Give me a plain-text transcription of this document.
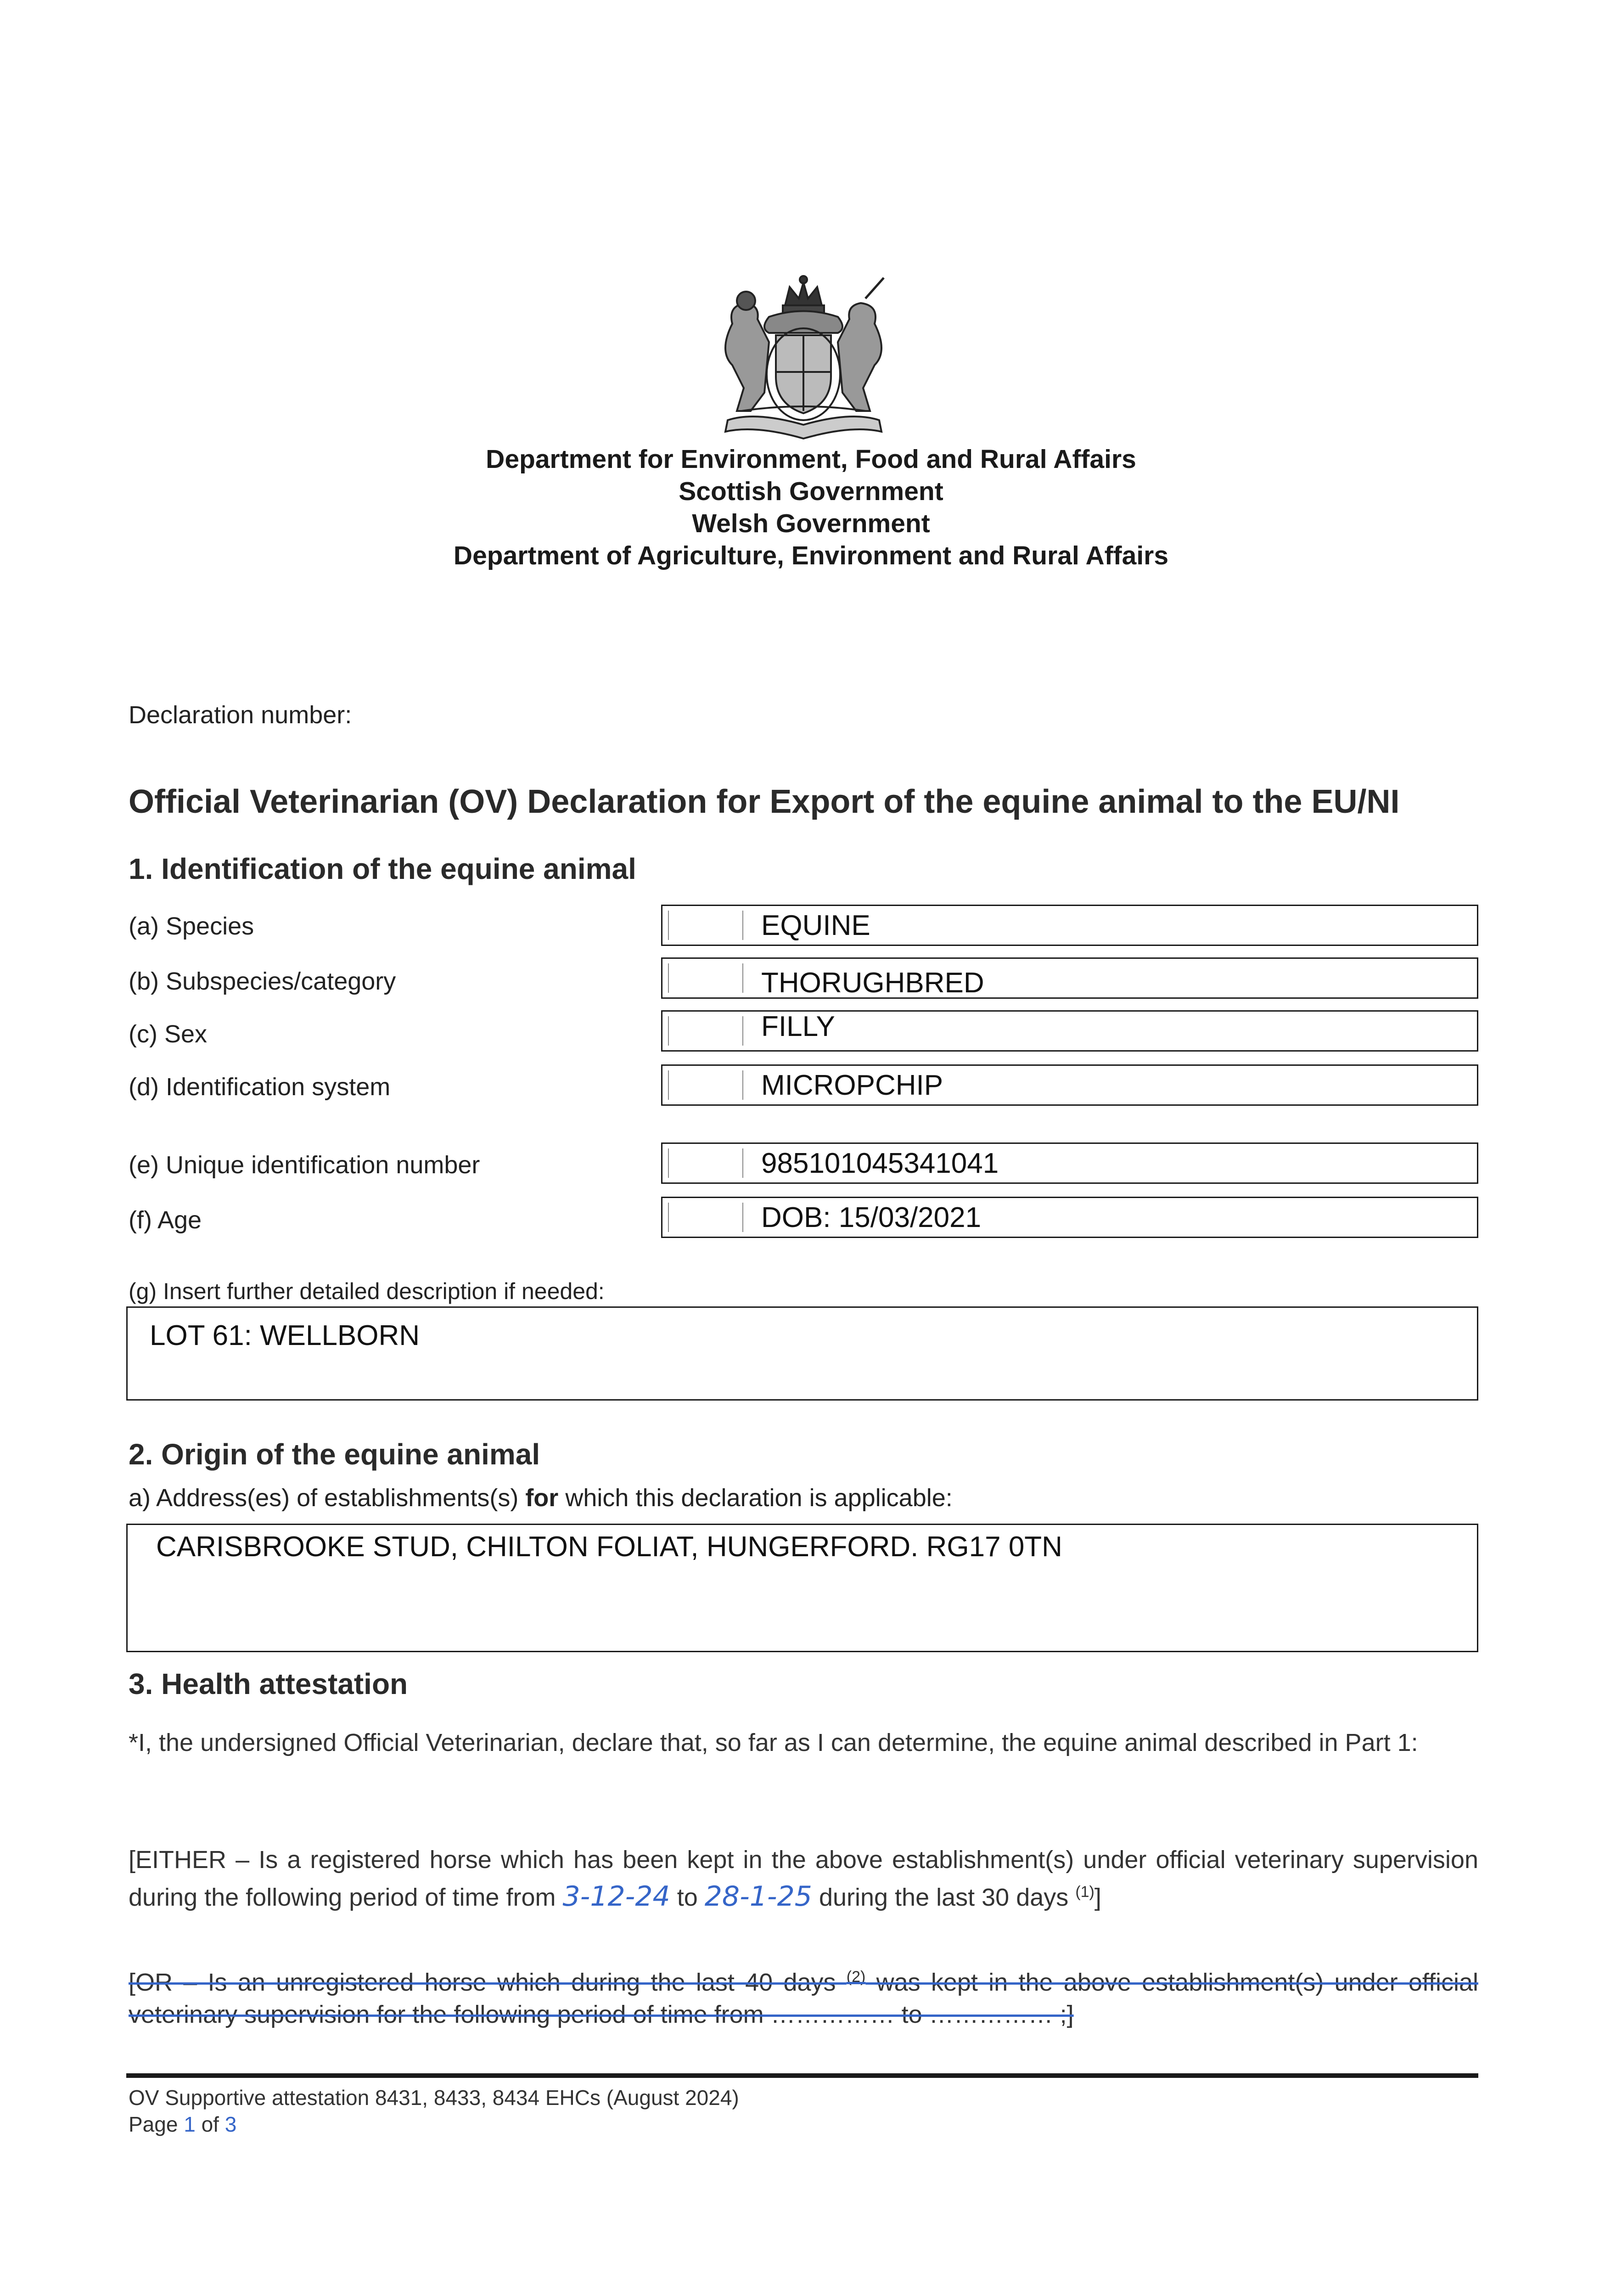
Department for Environment, Food and Rural Affairs
Scottish Government
Welsh Government
Department of Agriculture, Environment and Rural Affairs
Declaration number:
Official Veterinarian (OV) Declaration for Export of the equine animal to the EU/NI
1. Identification of the equine animal
(a) Species	EQUINE
(b) Subspecies/category	THORUGHBRED
(c) Sex	FILLY
(d) Identification system	MICROPCHIP
(e) Unique identification number	985101045341041
(f) Age	DOB: 15/03/2021
(g) Insert further detailed description if needed:
LOT 61: WELLBORN
2. Origin of the equine animal
a) Address(es) of establishments(s) for which this declaration is applicable:
CARISBROOKE STUD, CHILTON FOLIAT, HUNGERFORD. RG17 0TN
3. Health attestation
*I, the undersigned Official Veterinarian, declare that, so far as I can determine, the equine animal described in Part 1:
[EITHER – Is a registered horse which has been kept in the above establishment(s) under official veterinary supervision during the following period of time from 3-12-24 to 28-1-25 during the last 30 days $^{(1)}$]
[OR – Is an unregistered horse which during the last 40 days $^{(2)}$ was kept in the above establishment(s) under official veterinary supervision for the following period of time from …………… to …………… ;]
OV Supportive attestation 8431, 8433, 8434 EHCs (August 2024)
Page 1 of 3
